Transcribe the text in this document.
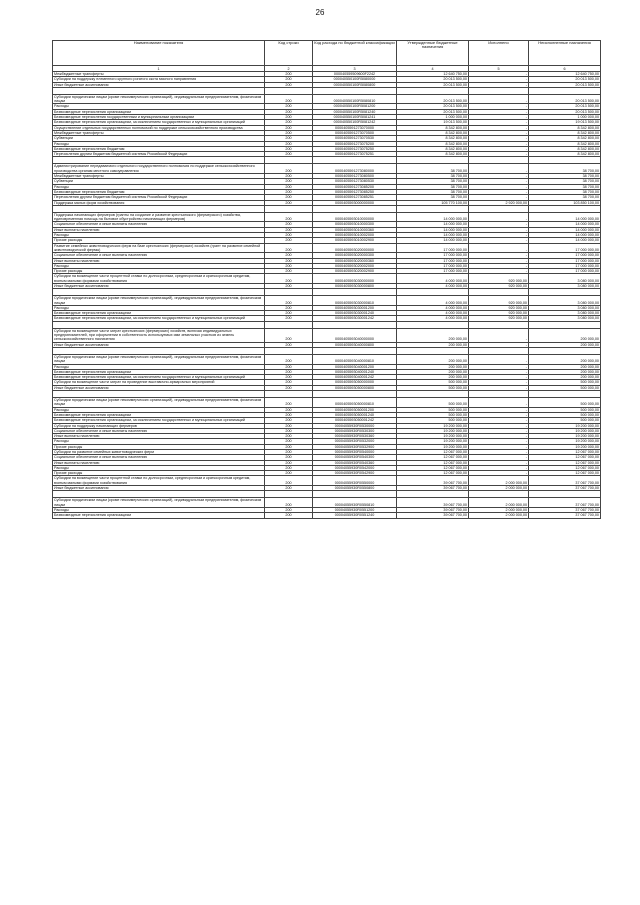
26
Наименование показателя	Код строки	Код расхода по бюджетной классификации	Утвержденные бюджетные назначения	Исполнено	Неисполненные назначения
1	2	3	4	5	6
Межбюджетные трансферты	200	000040559509600F2242	12 640 750,00	-	12 640 750,00
Субсидии на поддержку племенного крупного рогатого скота мясного направления	200	000040550100R5080000	20 013 500,00	-	20 013 500,00
Иные бюджетные ассигнования	200	000040550100R5080800	20 013 500,00	-	20 013 500,00

Субсидии юридическим лицам (кроме некоммерческих организаций), индивидуальным предпринимателям, физическим лицам	200	000040550100R5080810	20 013 500,00	-	20 013 500,00
Расходы	200	000040550100R5081200	20 013 500,00	-	20 013 500,00
Безвозмездные перечисления организациям	200	000040550100R5081240	20 013 500,00	-	20 013 500,00
Безвозмездные перечисления государственным и муниципальным организациям	200	000040550100R5081241	1 000 000,00	-	1 000 000,00
Безвозмездные перечисления организациям, за исключением государственных и муниципальных организаций	200	000040550100R5081242	19 013 500,00	-	19 013 500,00
Осуществление отдельных государственных полномочий по поддержке сельскохозяйственного производства	200	0000405591273070000	8 342 800,00	-	8 342 800,00
Межбюджетные трансферты	200	0000405591273070500	8 342 800,00	-	8 342 800,00
Субвенции	200	0000405591273070530	8 342 800,00	-	8 342 800,00
Расходы	200	0000405591273075200	8 342 800,00	-	8 342 800,00
Безвозмездные перечисления бюджетам	200	0000405591273075250	8 342 800,00	-	8 342 800,00
Перечисления другим бюджетам бюджетной системы Российской Федерации	200	0000405591273075251	8 342 800,00	-	8 342 800,00

Администрирование передаваемого отдельного государственного полномочия по поддержке сельскохозяйственного производства органам местного самоуправления	200	0000405591273080000	38 700,00	-	38 700,00
Межбюджетные трансферты	200	0000405591273080500	38 700,00	-	38 700,00
Субвенции	200	0000405591273080530	38 700,00	-	38 700,00
Расходы	200	0000405591273085200	38 700,00	-	38 700,00
Безвозмездные перечисления бюджетам	200	0000405591273085250	38 700,00	-	38 700,00
Перечисления другим бюджетам бюджетной системы Российской Федерации	200	0000405591273085251	38 700,00	-	38 700,00
Поддержка малых форм хозяйствования	200	0000405593000000000	105 770 100,00	2 920 000,00	103 850 100,00

Поддержка начинающих фермеров (гранты на создание и развитие крестьянского (фермерского) хозяйства, единовременная помощь на бытовое обустройство начинающих фермеров)	200	0000405593010000000	14 000 000,00	-	14 000 000,00
Социальное обеспечение и иные выплаты населению	200	0000405593010000300	14 000 000,00	-	14 000 000,00
Иные выплаты населению	200	0000405593010000360	14 000 000,00	-	14 000 000,00
Расходы	200	0000405593010002000	14 000 000,00	-	14 000 000,00
Прочие расходы	200	0000405593010002900	14 000 000,00	-	14 000 000,00
Развитие семейных животноводческих ферм на базе крестьянских (фермерских) хозяйств (грант на развитие семейной животноводческой фермы)	200	0000405593020000000	17 000 000,00	-	17 000 000,00
Социальное обеспечение и иные выплаты населению	200	0000405593020000300	17 000 000,00	-	17 000 000,00
Иные выплаты населению	200	0000405593020000360	17 000 000,00	-	17 000 000,00
Расходы	200	0000405593020002000	17 000 000,00	-	17 000 000,00
Прочие расходы	200	0000405593020002900	17 000 000,00	-	17 000 000,00
Субсидии на возмещение части процентной ставки по долгосрочным, среднесрочным и краткосрочным кредитам, взятым малыми формами хозяйствования	200	0000405593030000000	4 000 000,00	920 000,00	3 080 000,00
Иные бюджетные ассигнования	200	0000405593030000800	4 000 000,00	920 000,00	3 080 000,00

Субсидии юридическим лицам (кроме некоммерческих организаций), индивидуальным предпринимателям, физическим лицам	200	0000405593030000810	4 000 000,00	920 000,00	3 080 000,00
Расходы	200	0000405593030001200	4 000 000,00	920 000,00	3 080 000,00
Безвозмездные перечисления организациям	200	0000405593030001240	4 000 000,00	920 000,00	3 080 000,00
Безвозмездные перечисления организациям, за исключением государственных и муниципальных организаций	200	0000405593030001242	4 000 000,00	920 000,00	3 080 000,00

Субсидии на возмещение части затрат крестьянских (фермерских) хозяйств, включая индивидуальных предпринимателей, при оформлении в собственность используемых ими земельных участков из земель сельскохозяйственного назначения	200	0000405593040000000	200 000,00	-	200 000,00
Иные бюджетные ассигнования	200	0000405593040000800	200 000,00	-	200 000,00

Субсидии юридическим лицам (кроме некоммерческих организаций), индивидуальным предпринимателям, физическим лицам	200	0000405593040000810	200 000,00	-	200 000,00
Расходы	200	0000405593040001200	200 000,00	-	200 000,00
Безвозмездные перечисления организациям	200	0000405593040001240	200 000,00	-	200 000,00
Безвозмездные перечисления организациям, за исключением государственных и муниципальных организаций	200	0000405593040001242	200 000,00	-	200 000,00
Субсидии на возмещение части затрат на проведение выставочно-ярмарочных мероприятий	200	0000405593050000000	500 000,00	-	500 000,00
Иные бюджетные ассигнования	200	0000405593050000800	500 000,00	-	500 000,00

Субсидии юридическим лицам (кроме некоммерческих организаций), индивидуальным предпринимателям, физическим лицам	200	0000405593050000810	500 000,00	-	500 000,00
Расходы	200	0000405593050001200	500 000,00	-	500 000,00
Безвозмездные перечисления организациям	200	0000405593050001240	500 000,00	-	500 000,00
Безвозмездные перечисления организациям, за исключением государственных и муниципальных организаций	200	0000405593050001242	500 000,00	-	500 000,00
Субсидии на поддержку начинающих фермеров	200	00004055930R0530000	19 200 000,00	-	19 200 000,00
Социальное обеспечение и иные выплаты населению	200	00004055930R0530300	19 200 000,00	-	19 200 000,00
Иные выплаты населению	200	00004055930R0530360	19 200 000,00	-	19 200 000,00
Расходы	200	00004055930R0532000	19 200 000,00	-	19 200 000,00
Прочие расходы	200	00004055930R0532900	19 200 000,00	-	19 200 000,00
Субсидии на развитие семейных животноводческих ферм	200	00004055930R0540000	12 067 000,00	-	12 067 000,00
Социальное обеспечение и иные выплаты населению	200	00004055930R0540300	12 067 000,00	-	12 067 000,00
Иные выплаты населению	200	00004055930R0540360	12 067 000,00	-	12 067 000,00
Расходы	200	00004055930R0542000	12 067 000,00	-	12 067 000,00
Прочие расходы	200	00004055930R0542900	12 067 000,00	-	12 067 000,00
Субсидии на возмещение части процентной ставки по долгосрочным, среднесрочным и краткосрочным кредитам, взятым малыми формами хозяйствования	200	00004055930R0550000	39 067 700,00	2 000 000,00	37 067 700,00
Иные бюджетные ассигнования	200	00004055930R0550800	39 067 700,00	2 000 000,00	37 067 700,00

Субсидии юридическим лицам (кроме некоммерческих организаций), индивидуальным предпринимателям, физическим лицам	200	00004055930R0550810	39 067 700,00	2 000 000,00	37 067 700,00
Расходы	200	00004055930R0551200	39 067 700,00	2 000 000,00	37 067 700,00
Безвозмездные перечисления организациям	200	00004055930R0551240	39 067 700,00	2 000 000,00	37 067 700,00
